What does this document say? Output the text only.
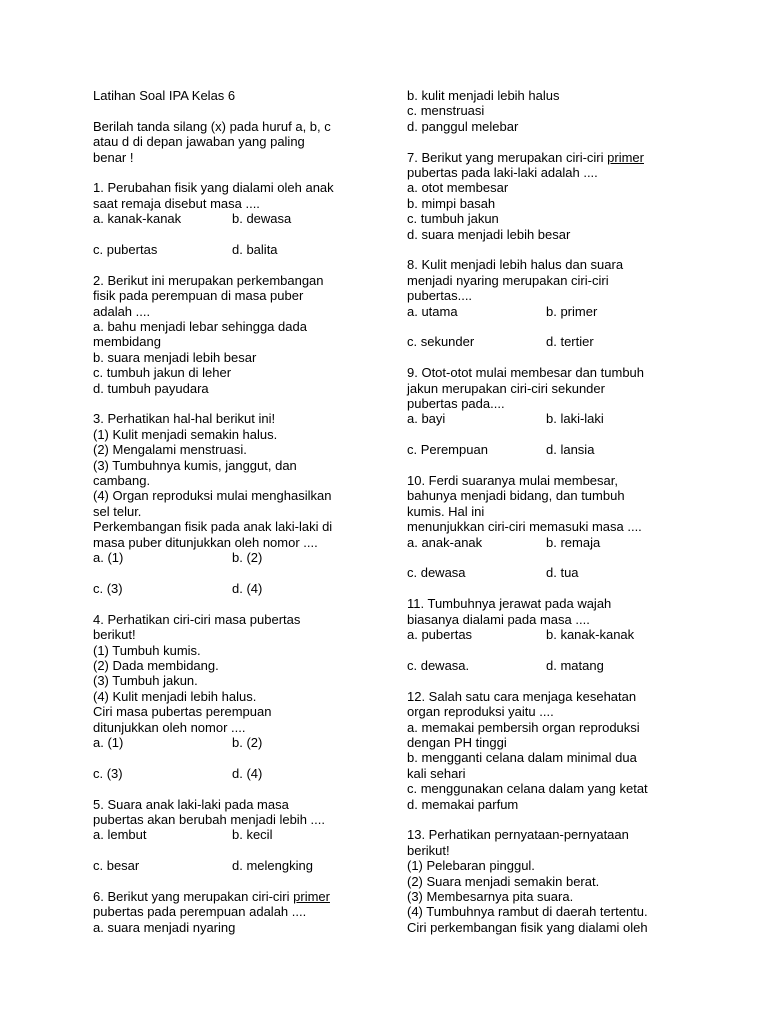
Latihan Soal IPA Kelas 6
Berilah tanda silang (x) pada huruf a, b, c
atau d di depan jawaban yang paling
benar !
1. Perubahan fisik yang dialami oleh anak
saat remaja disebut masa ....
a. kanak-kanak	b. dewasa
c. pubertas	d. balita
2. Berikut ini merupakan perkembangan
fisik pada perempuan di masa puber
adalah ....
a. bahu menjadi lebar sehingga dada
membidang
b. suara menjadi lebih besar
c. tumbuh jakun di leher
d. tumbuh payudara
3. Perhatikan hal-hal berikut ini!
(1) Kulit menjadi semakin halus.
(2) Mengalami menstruasi.
(3) Tumbuhnya kumis, janggut, dan
cambang.
(4) Organ reproduksi mulai menghasilkan
sel telur.
Perkembangan fisik pada anak laki-laki di
masa puber ditunjukkan oleh nomor ....
a. (1)	b. (2)
c. (3)	d. (4)
4. Perhatikan ciri-ciri masa pubertas
berikut!
(1) Tumbuh kumis.
(2) Dada membidang.
(3) Tumbuh jakun.
(4) Kulit menjadi lebih halus.
Ciri masa pubertas perempuan
ditunjukkan oleh nomor ....
a. (1)	b. (2)
c. (3)	d. (4)
5. Suara anak laki-laki pada masa
pubertas akan berubah menjadi lebih ....
a. lembut	b. kecil
c. besar	d. melengking
6. Berikut yang merupakan ciri-ciri primer
pubertas pada perempuan adalah ....
a. suara menjadi nyaring
b. kulit menjadi lebih halus
c. menstruasi
d. panggul melebar
7. Berikut yang merupakan ciri-ciri primer
pubertas pada laki-laki adalah ....
a. otot membesar
b. mimpi basah
c. tumbuh jakun
d. suara menjadi lebih besar
8. Kulit menjadi lebih halus dan suara
menjadi nyaring merupakan ciri-ciri
pubertas....
a. utama	b. primer
c. sekunder	d. tertier
9. Otot-otot mulai membesar dan tumbuh
jakun merupakan ciri-ciri sekunder
pubertas pada....
a. bayi	b. laki-laki
c. Perempuan	d. lansia
10. Ferdi suaranya mulai membesar,
bahunya menjadi bidang, dan tumbuh
kumis. Hal ini
menunjukkan ciri-ciri memasuki masa ....
a. anak-anak	b. remaja
c. dewasa	d. tua
11. Tumbuhnya jerawat pada wajah
biasanya dialami pada masa ....
a. pubertas	b. kanak-kanak
c. dewasa.	d. matang
12. Salah satu cara menjaga kesehatan
organ reproduksi yaitu ....
a. memakai pembersih organ reproduksi
dengan PH tinggi
b. mengganti celana dalam minimal dua
kali sehari
c. menggunakan celana dalam yang ketat
d. memakai parfum
13. Perhatikan pernyataan-pernyataan
berikut!
(1) Pelebaran pinggul.
(2) Suara menjadi semakin berat.
(3) Membesarnya pita suara.
(4) Tumbuhnya rambut di daerah tertentu.
Ciri perkembangan fisik yang dialami oleh
